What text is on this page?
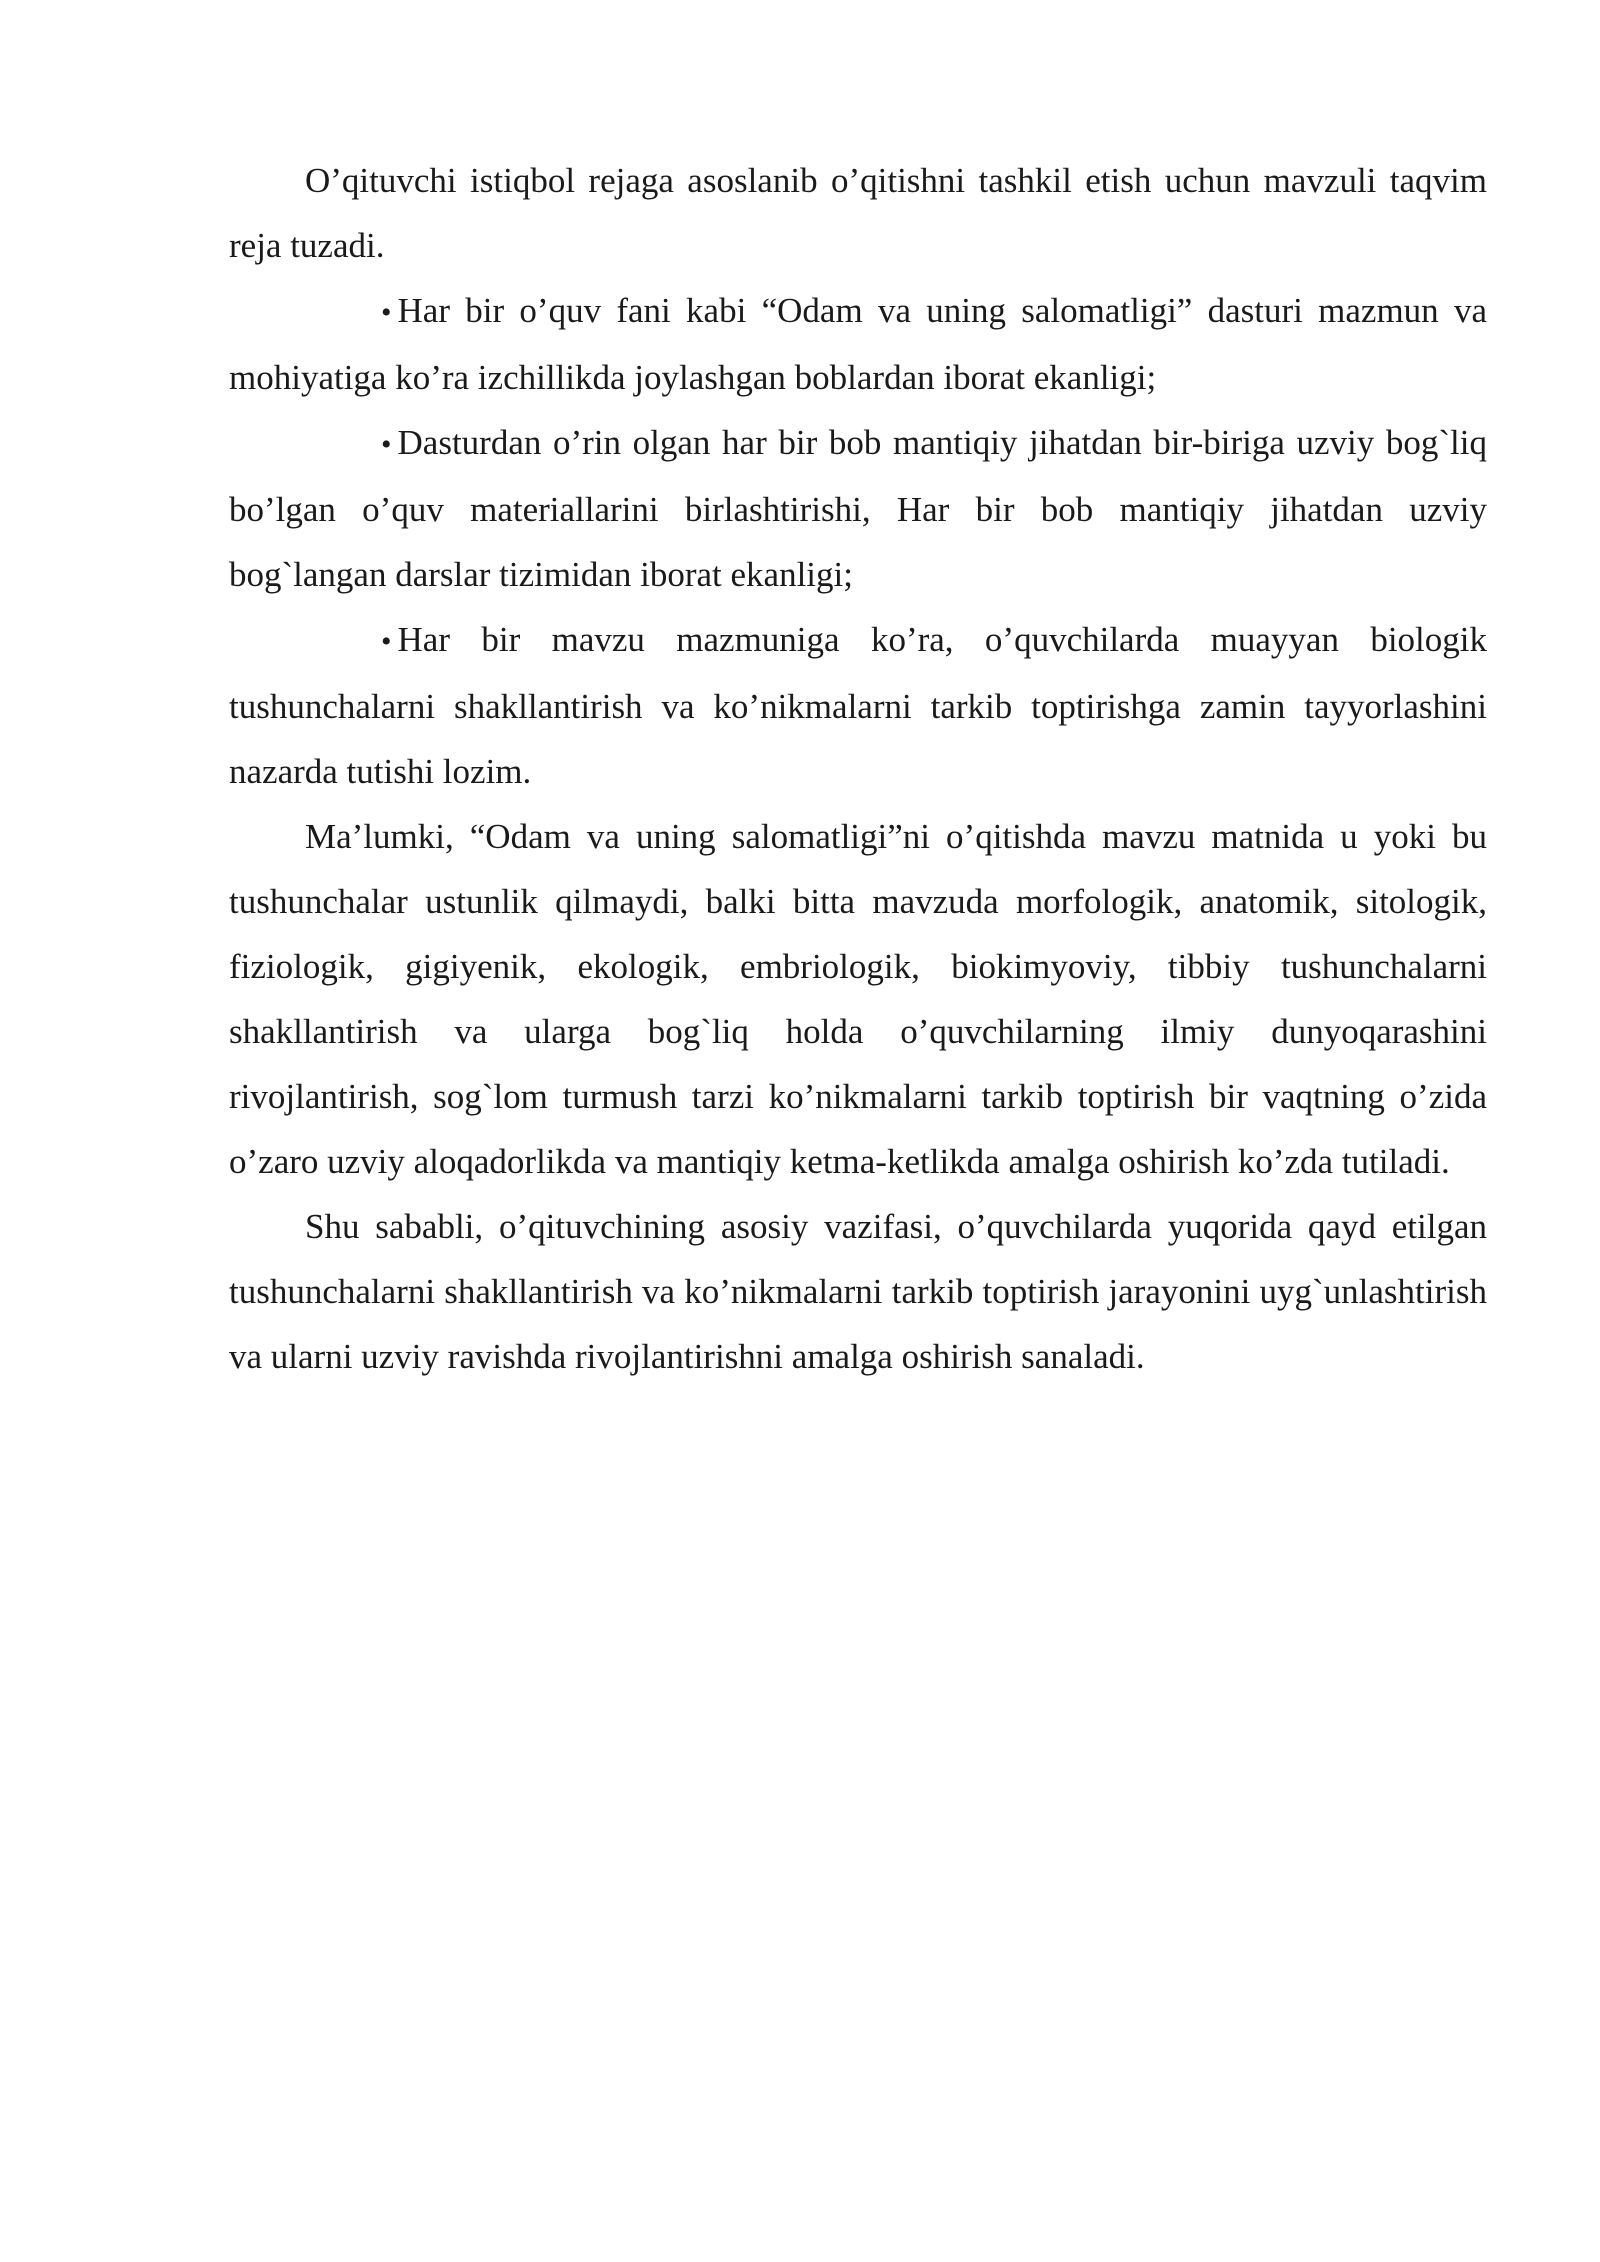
O’qituvchi istiqbol rejaga asoslanib o’qitishni tashkil etish uchun mavzuli taqvim reja tuzadi.

• Har bir o’quv fani kabi “Odam va uning salomatligi” dasturi mazmun va mohiyatiga ko’ra izchillikda joylashgan boblardan iborat ekanligi;

• Dasturdan o’rin olgan har bir bob mantiqiy jihatdan bir-biriga uzviy bog`liq bo’lgan o’quv materiallarini birlashtirishi, Har bir bob mantiqiy jihatdan uzviy bog`langan darslar tizimidan iborat ekanligi;

• Har bir mavzu mazmuniga ko’ra, o’quvchilarda muayyan biologik tushunchalarni shakllantirish va ko’nikmalarni tarkib toptirishga zamin tayyorlashini nazarda tutishi lozim.

Ma’lumki, “Odam va uning salomatligi”ni o’qitishda mavzu matnida u yoki bu tushunchalar ustunlik qilmaydi, balki bitta mavzuda morfologik, anatomik, sitologik, fiziologik, gigiyenik, ekologik, embriologik, biokimyoviy, tibbiy tushunchalarni shakllantirish va ularga bog`liq holda o’quvchilarning ilmiy dunyoqarashini rivojlantirish, sog`lom turmush tarzi ko’nikmalarni tarkib toptirish bir vaqtning o’zida o’zaro uzviy aloqadorlikda va mantiqiy ketma-ketlikda amalga oshirish ko’zda tutiladi.

Shu sababli, o’qituvchining asosiy vazifasi, o’quvchilarda yuqorida qayd etilgan tushunchalarni shakllantirish va ko’nikmalarni tarkib toptirish jarayonini uyg`unlashtirish va ularni uzviy ravishda rivojlantirishni amalga oshirish sanaladi.
